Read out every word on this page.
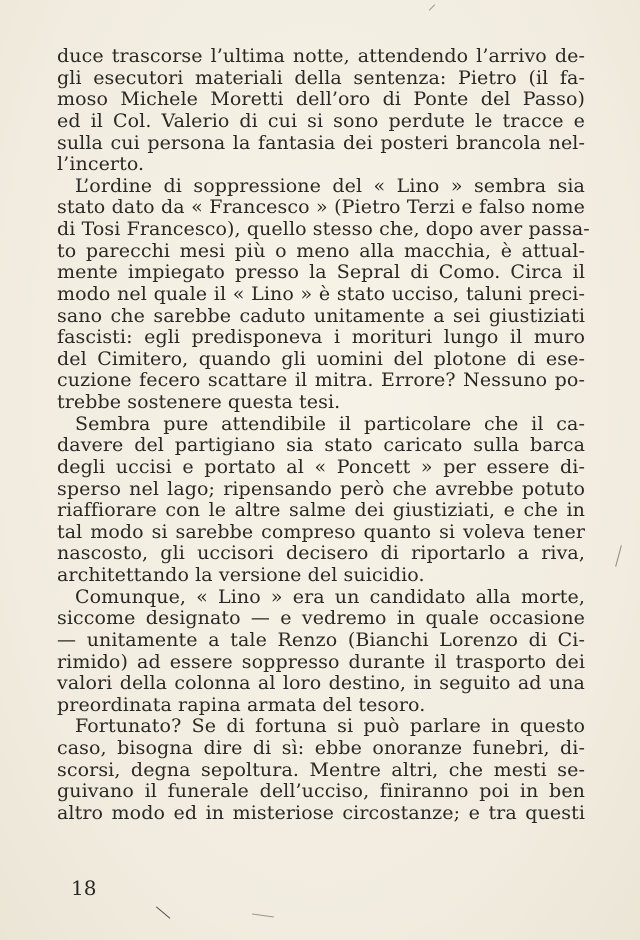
duce trascorse l’ultima notte, attendendo l’arrivo de-
gli esecutori materiali della sentenza: Pietro (il fa-
moso Michele Moretti dell’oro di Ponte del Passo)
ed il Col. Valerio di cui si sono perdute le tracce e
sulla cui persona la fantasia dei posteri brancola nel-
l’incerto.
L’ordine di soppressione del « Lino » sembra sia
stato dato da « Francesco » (Pietro Terzi e falso nome
di Tosi Francesco), quello stesso che, dopo aver passa-
to parecchi mesi più o meno alla macchia, è attual-
mente impiegato presso la Sepral di Como. Circa il
modo nel quale il « Lino » è stato ucciso, taluni preci-
sano che sarebbe caduto unitamente a sei giustiziati
fascisti: egli predisponeva i morituri lungo il muro
del Cimitero, quando gli uomini del plotone di ese-
cuzione fecero scattare il mitra. Errore? Nessuno po-
trebbe sostenere questa tesi.
Sembra pure attendibile il particolare che il ca-
davere del partigiano sia stato caricato sulla barca
degli uccisi e portato al « Poncett » per essere di-
sperso nel lago; ripensando però che avrebbe potuto
riaffiorare con le altre salme dei giustiziati, e che in
tal modo si sarebbe compreso quanto si voleva tener
nascosto, gli uccisori decisero di riportarlo a riva,
architettando la versione del suicidio.
Comunque, « Lino » era un candidato alla morte,
siccome designato — e vedremo in quale occasione
— unitamente a tale Renzo (Bianchi Lorenzo di Ci-
rimido) ad essere soppresso durante il trasporto dei
valori della colonna al loro destino, in seguito ad una
preordinata rapina armata del tesoro.
Fortunato? Se di fortuna si può parlare in questo
caso, bisogna dire di sì: ebbe onoranze funebri, di-
scorsi, degna sepoltura. Mentre altri, che mesti se-
guivano il funerale dell’ucciso, finiranno poi in ben
altro modo ed in misteriose circostanze; e tra questi
18
